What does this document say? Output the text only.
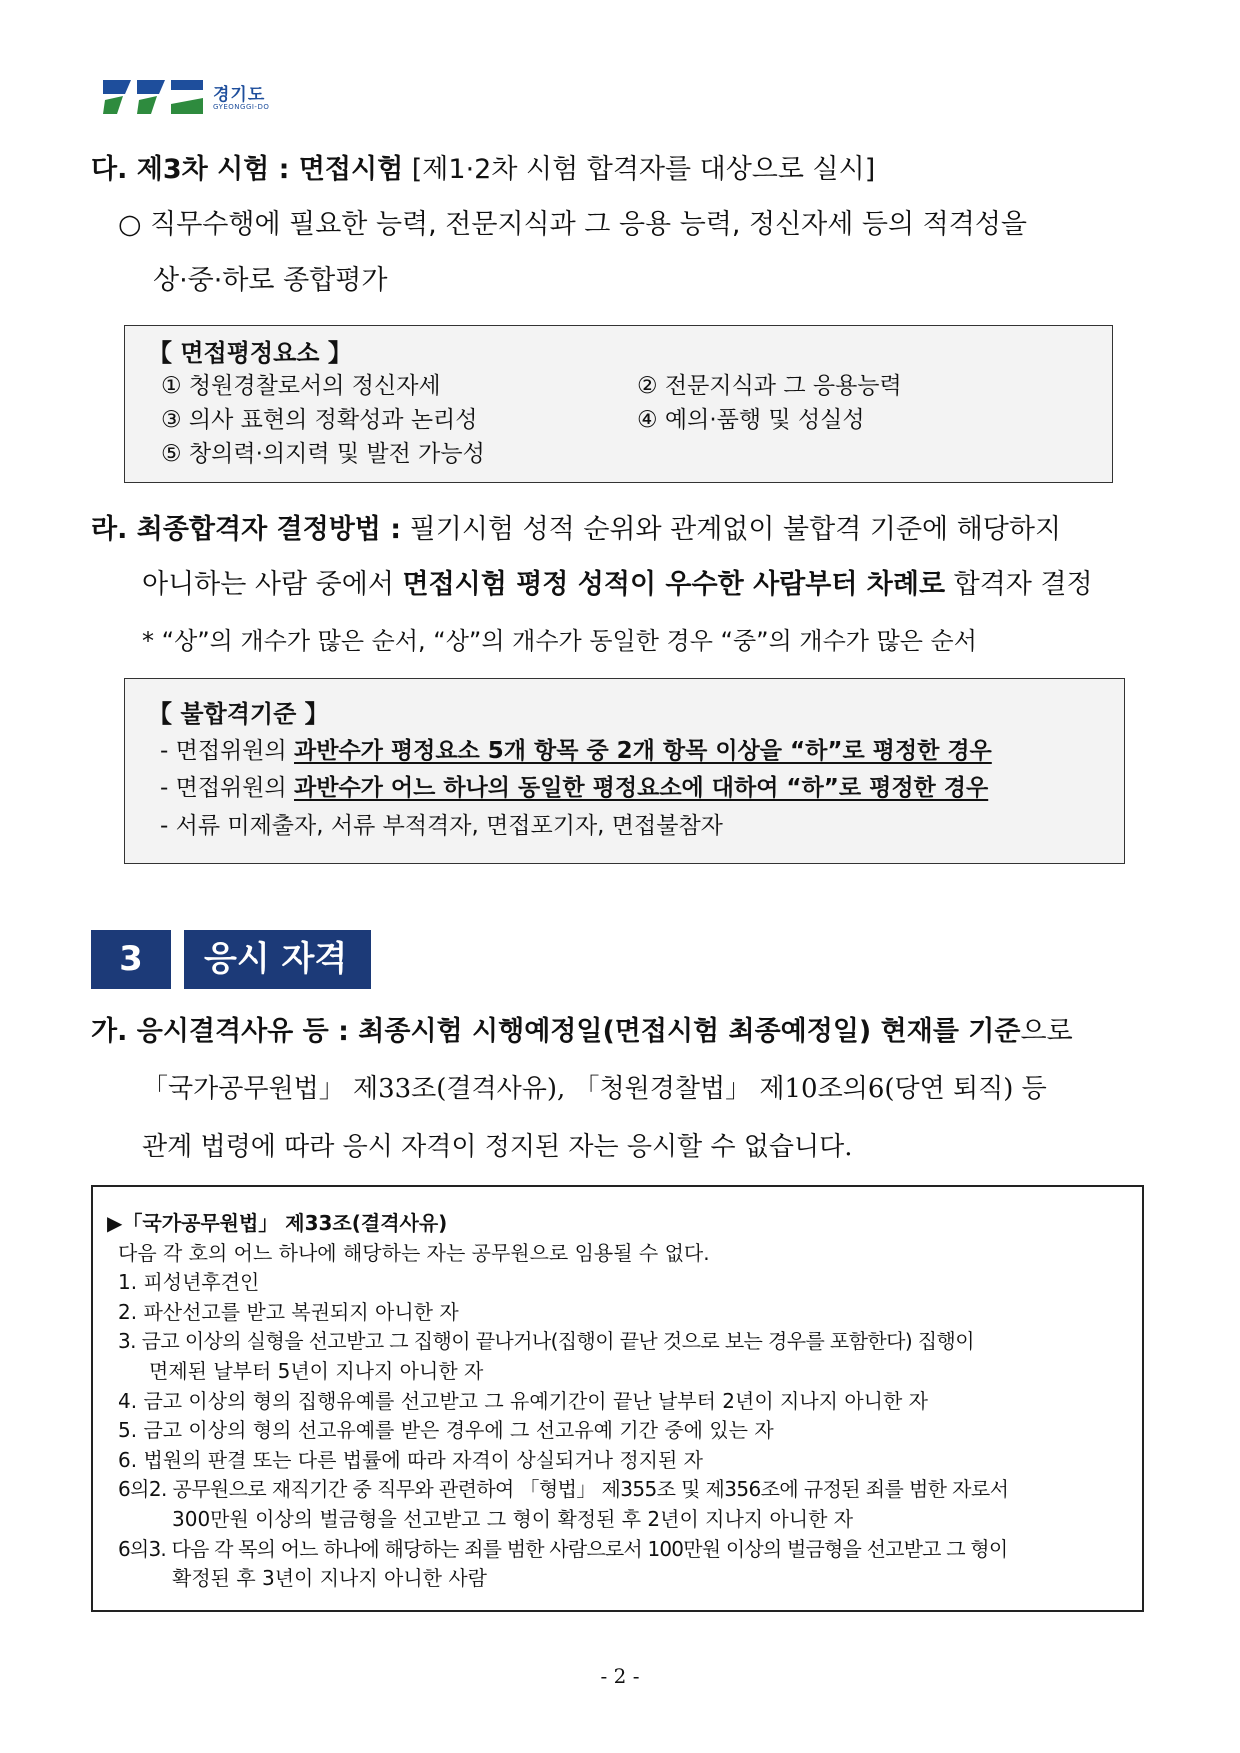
경기도
GYEONGGI-DO
다. 제3차 시험 : 면접시험 [제1·2차 시험 합격자를 대상으로 실시]
○ 직무수행에 필요한 능력, 전문지식과 그 응용 능력, 정신자세 등의 적격성을
상·중·하로 종합평가
【 면접평정요소 】
① 청원경찰로서의 정신자세	② 전문지식과 그 응용능력
③ 의사 표현의 정확성과 논리성	④ 예의·품행 및 성실성
⑤ 창의력·의지력 및 발전 가능성
라. 최종합격자 결정방법 : 필기시험 성적 순위와 관계없이 불합격 기준에 해당하지
아니하는 사람 중에서 면접시험 평정 성적이 우수한 사람부터 차례로 합격자 결정
* “상”의 개수가 많은 순서, “상”의 개수가 동일한 경우 “중”의 개수가 많은 순서
【 불합격기준 】
- 면접위원의 과반수가 평정요소 5개 항목 중 2개 항목 이상을 “하”로 평정한 경우
- 면접위원의 과반수가 어느 하나의 동일한 평정요소에 대하여 “하”로 평정한 경우
- 서류 미제출자, 서류 부적격자, 면접포기자, 면접불참자
3	응시 자격
가. 응시결격사유 등 : 최종시험 시행예정일(면접시험 최종예정일) 현재를 기준으로
「국가공무원법」 제33조(결격사유), 「청원경찰법」 제10조의6(당연 퇴직) 등
관계 법령에 따라 응시 자격이 정지된 자는 응시할 수 없습니다.
▶「국가공무원법」 제33조(결격사유)
다음 각 호의 어느 하나에 해당하는 자는 공무원으로 임용될 수 없다.
1. 피성년후견인
2. 파산선고를 받고 복권되지 아니한 자
3. 금고 이상의 실형을 선고받고 그 집행이 끝나거나(집행이 끝난 것으로 보는 경우를 포함한다) 집행이
면제된 날부터 5년이 지나지 아니한 자
4. 금고 이상의 형의 집행유예를 선고받고 그 유예기간이 끝난 날부터 2년이 지나지 아니한 자
5. 금고 이상의 형의 선고유예를 받은 경우에 그 선고유예 기간 중에 있는 자
6. 법원의 판결 또는 다른 법률에 따라 자격이 상실되거나 정지된 자
6의2. 공무원으로 재직기간 중 직무와 관련하여 「형법」 제355조 및 제356조에 규정된 죄를 범한 자로서
300만원 이상의 벌금형을 선고받고 그 형이 확정된 후 2년이 지나지 아니한 자
6의3. 다음 각 목의 어느 하나에 해당하는 죄를 범한 사람으로서 100만원 이상의 벌금형을 선고받고 그 형이
확정된 후 3년이 지나지 아니한 사람
- 2 -
